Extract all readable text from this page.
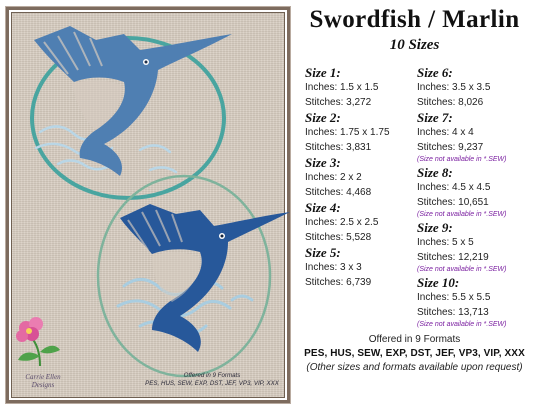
Carrie Ellen
Designs
Offered in 9 Formats
PES, HUS, SEW, EXP, DST, JEF, VP3, VIP, XXX
Swordfish / Marlin
10 Sizes
Size 1:
Inches: 1.5 x 1.5
Stitches: 3,272
Size 2:
Inches: 1.75 x 1.75
Stitches: 3,831
Size 3:
Inches: 2 x 2
Stitches: 4,468
Size 4:
Inches: 2.5 x 2.5
Stitches: 5,528
Size 5:
Inches: 3 x 3
Stitches: 6,739
Size 6:
Inches: 3.5 x 3.5
Stitches: 8,026
Size 7:
Inches: 4 x 4
Stitches: 9,237
(Size not available in *.SEW)
Size 8:
Inches: 4.5 x 4.5
Stitches: 10,651
(Size not available in *.SEW)
Size 9:
Inches: 5 x 5
Stitches: 12,219
(Size not available in *.SEW)
Size 10:
Inches: 5.5 x 5.5
Stitches: 13,713
(Size not available in *.SEW)
Offered in 9 Formats
PES, HUS, SEW, EXP, DST, JEF, VP3, VIP, XXX
(Other sizes and formats available upon request)
